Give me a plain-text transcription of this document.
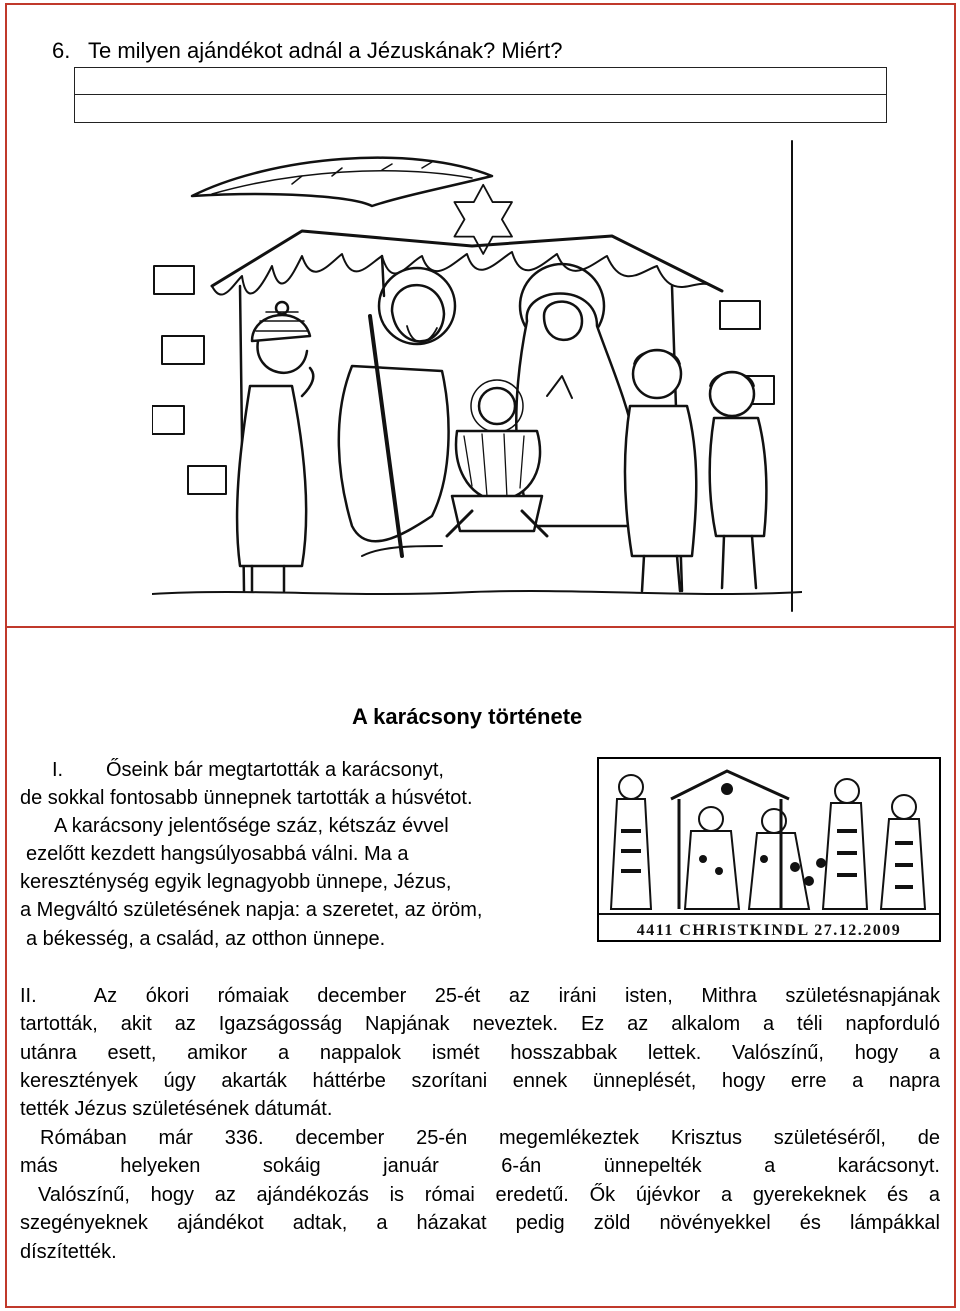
6. Te milyen ajándékot adnál a Jézuskának? Miért?
A karácsony története
I. Őseink bár megtartották a karácsonyt,
de sokkal fontosabb ünnepnek tartották a húsvétot.
A karácsony jelentősége száz, kétszáz évvel
ezelőtt kezdett hangsúlyosabbá válni. Ma a
kereszténység egyik legnagyobb ünnepe, Jézus,
a Megváltó születésének napja: a szeretet, az öröm,
a békesség, a család, az otthon ünnepe.	4411 CHRISTKINDL 27.12.2009
II.	Az ókori rómaiak december 25-ét az iráni isten, Mithra születésnapjának
tartották, akit az Igazságosság Napjának neveztek. Ez az alkalom a téli napforduló
utánra esett, amikor a nappalok ismét hosszabbak lettek. Valószínű, hogy a
keresztények úgy akarták háttérbe szorítani ennek ünneplését, hogy erre a napra
tették Jézus születésének dátumát.
Rómában már 336. december 25-én megemlékeztek Krisztus születéséről, de
más helyeken sokáig január 6-án ünnepelték a karácsonyt.
Valószínű, hogy az ajándékozás is római eredetű. Ők újévkor a gyerekeknek és a
szegényeknek ajándékot adtak, a házakat pedig zöld növényekkel és lámpákkal
díszítették.
